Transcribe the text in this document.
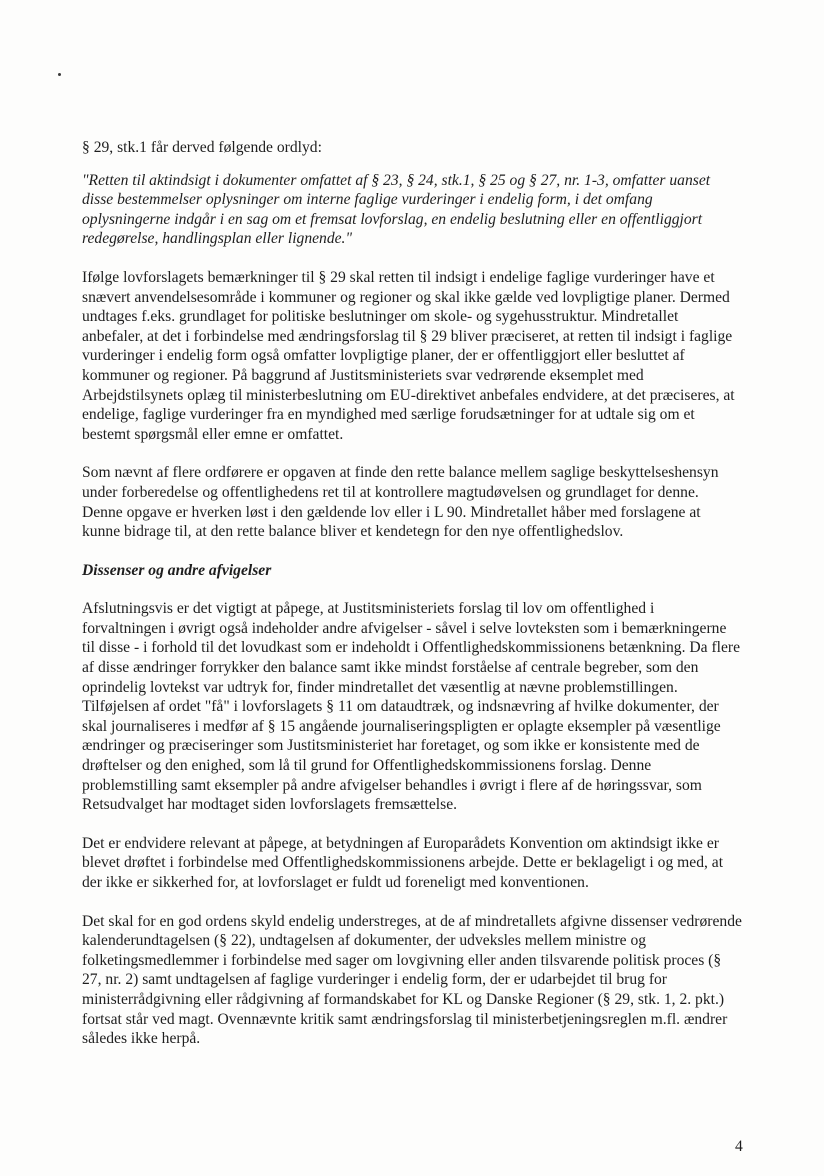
§ 29, stk.1 får derved følgende ordlyd:

"Retten til aktindsigt i dokumenter omfattet af § 23, § 24, stk.1, § 25 og § 27, nr. 1-3, omfatter uanset disse bestemmelser oplysninger om interne faglige vurderinger i endelig form, i det omfang oplysningerne indgår i en sag om et fremsat lovforslag, en endelig beslutning eller en offentliggjort redegørelse, handlingsplan eller lignende."

Ifølge lovforslagets bemærkninger til § 29 skal retten til indsigt i endelige faglige vurderinger have et snævert anvendelsesområde i kommuner og regioner og skal ikke gælde ved lovpligtige planer. Dermed undtages f.eks. grundlaget for politiske beslutninger om skole- og sygehusstruktur. Mindretallet anbefaler, at det i forbindelse med ændringsforslag til § 29 bliver præciseret, at retten til indsigt i faglige vurderinger i endelig form også omfatter lovpligtige planer, der er offentliggjort eller besluttet af kommuner og regioner. På baggrund af Justitsministeriets svar vedrørende eksemplet med Arbejdstilsynets oplæg til ministerbeslutning om EU-direktivet anbefales endvidere, at det præciseres, at endelige, faglige vurderinger fra en myndighed med særlige forudsætninger for at udtale sig om et bestemt spørgsmål eller emne er omfattet.

Som nævnt af flere ordførere er opgaven at finde den rette balance mellem saglige beskyttelseshensyn under forberedelse og offentlighedens ret til at kontrollere magtudøvelsen og grundlaget for denne. Denne opgave er hverken løst i den gældende lov eller i L 90. Mindretallet håber med forslagene at kunne bidrage til, at den rette balance bliver et kendetegn for den nye offentlighedslov.

Dissenser og andre afvigelser

Afslutningsvis er det vigtigt at påpege, at Justitsministeriets forslag til lov om offentlighed i forvaltningen i øvrigt også indeholder andre afvigelser - såvel i selve lovteksten som i bemærkningerne til disse - i forhold til det lovudkast som er indeholdt i Offentlighedskommissionens betænkning. Da flere af disse ændringer forrykker den balance samt ikke mindst forståelse af centrale begreber, som den oprindelig lovtekst var udtryk for, finder mindretallet det væsentlig at nævne problemstillingen. Tilføjelsen af ordet "få" i lovforslagets § 11 om dataudtræk, og indsnævring af hvilke dokumenter, der skal journaliseres i medfør af § 15 angående journaliseringspligten er oplagte eksempler på væsentlige ændringer og præciseringer som Justitsministeriet har foretaget, og som ikke er konsistente med de drøftelser og den enighed, som lå til grund for Offentlighedskommissionens forslag. Denne problemstilling samt eksempler på andre afvigelser behandles i øvrigt i flere af de høringssvar, som Retsudvalget har modtaget siden lovforslagets fremsættelse.

Det er endvidere relevant at påpege, at betydningen af Europarådets Konvention om aktindsigt ikke er blevet drøftet i forbindelse med Offentlighedskommissionens arbejde. Dette er beklageligt i og med, at der ikke er sikkerhed for, at lovforslaget er fuldt ud foreneligt med konventionen.

Det skal for en god ordens skyld endelig understreges, at de af mindretallets afgivne dissenser vedrørende kalenderundtagelsen (§ 22), undtagelsen af dokumenter, der udveksles mellem ministre og folketingsmedlemmer i forbindelse med sager om lovgivning eller anden tilsvarende politisk proces (§ 27, nr. 2) samt undtagelsen af faglige vurderinger i endelig form, der er udarbejdet til brug for ministerrådgivning eller rådgivning af formandskabet for KL og Danske Regioner (§ 29, stk. 1, 2. pkt.) fortsat står ved magt. Ovennævnte kritik samt ændringsforslag til ministerbetjeningsreglen m.fl. ændrer således ikke herpå.

4
